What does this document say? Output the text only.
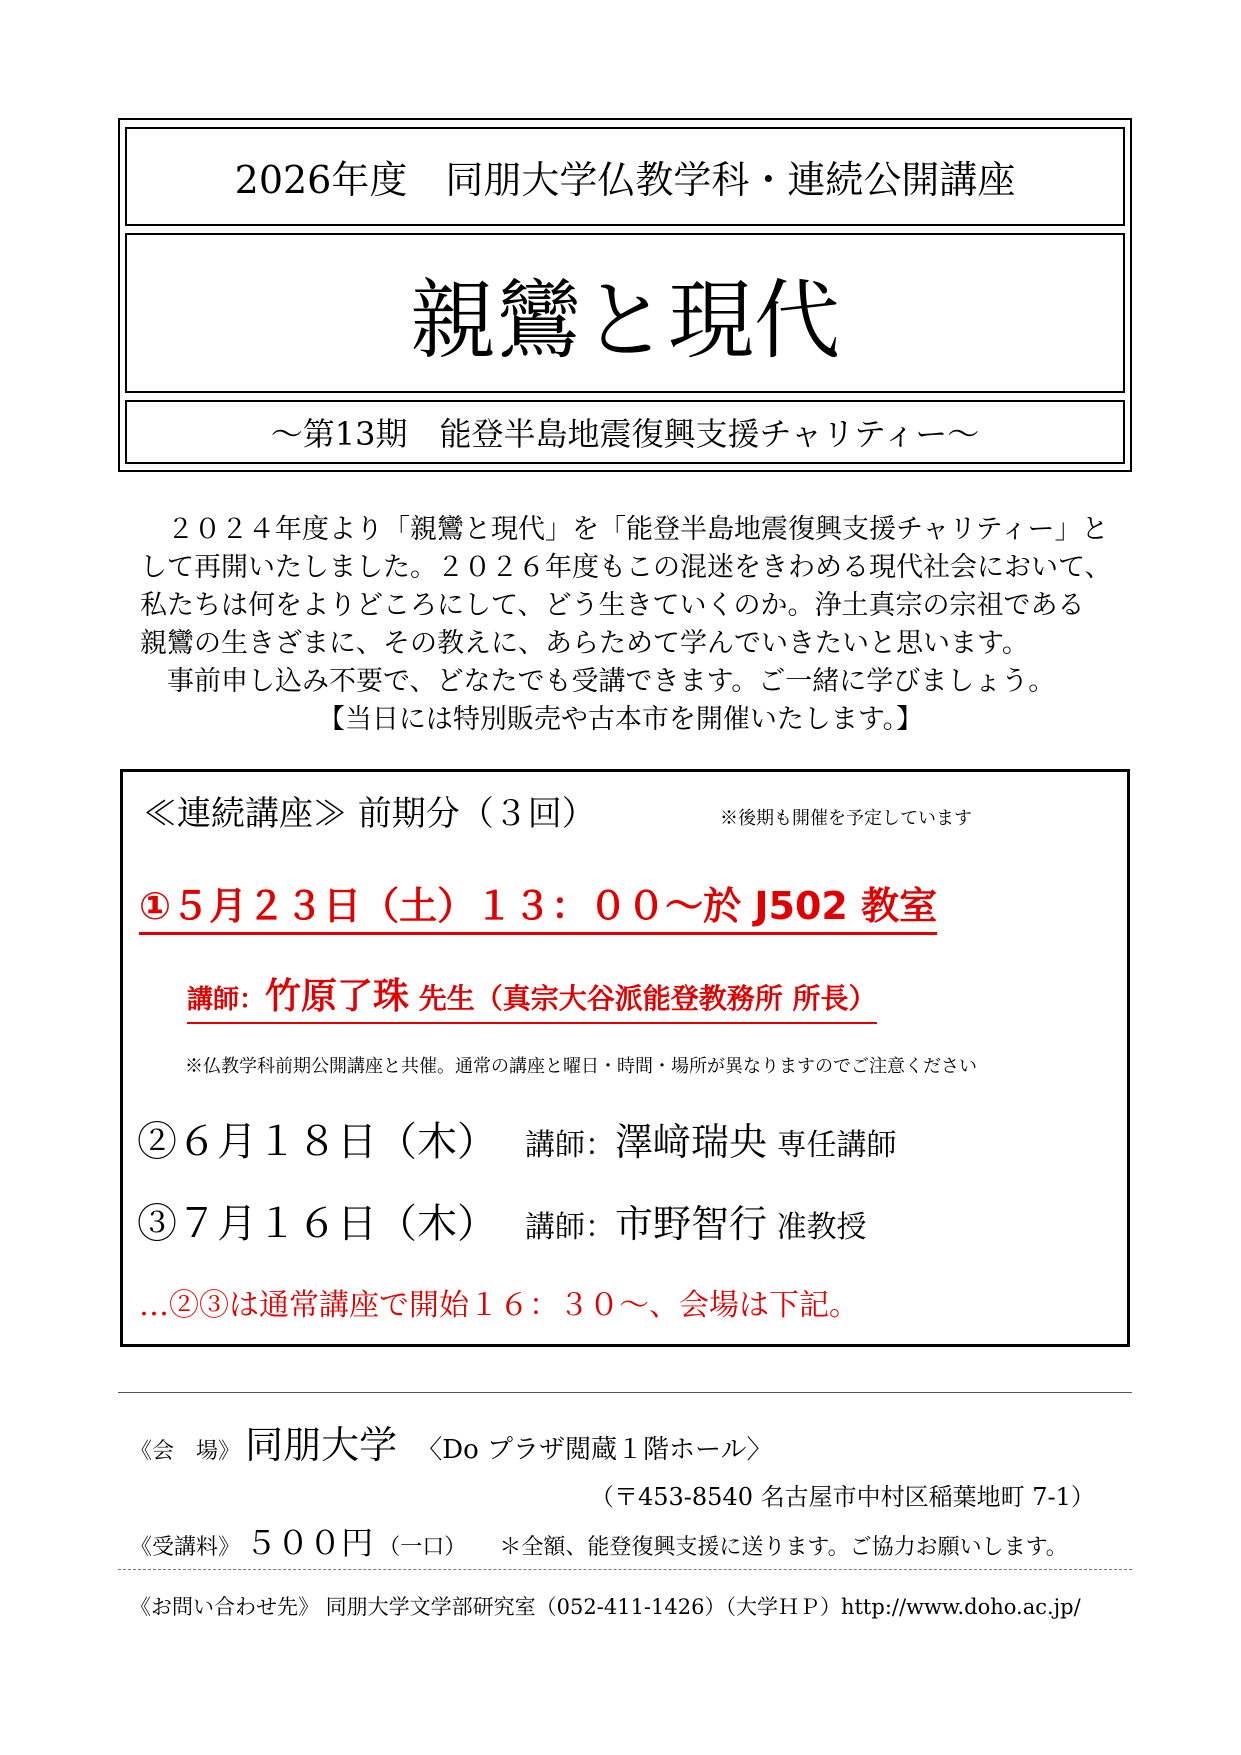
2026年度　同朋大学仏教学科・連続公開講座
親鸞と現代
～第13期　能登半島地震復興支援チャリティー～
　２０２４年度より「親鸞と現代」を「能登半島地震復興支援チャリティー」と
して再開いたしました。２０２６年度もこの混迷をきわめる現代社会において、
私たちは何をよりどころにして、どう生きていくのか。浄土真宗の宗祖である
親鸞の生きざまに、その教えに、あらためて学んでいきたいと思います。
　事前申し込み不要で、どなたでも受講できます。ご一緒に学びましょう。
【当日には特別販売や古本市を開催いたします。】
≪連続講座≫ 前期分（３回）	※後期も開催を予定しています
①５月２３日（土）１３：００～於 J502 教室
講師：竹原了珠 先生（真宗大谷派能登教務所 所長）
※仏教学科前期公開講座と共催。通常の講座と曜日・時間・場所が異なりますのでご注意ください
②６月１８日（木） 講師：澤﨑瑞央 専任講師
③７月１６日（木） 講師：市野智行 准教授
…②③は通常講座で開始１６：３０～、会場は下記。
《会　場》 同朋大学 〈Do プラザ閲蔵１階ホール〉
（〒453-8540 名古屋市中村区稲葉地町 7-1）
《受講料》 ５００円 （一口） ＊全額、能登復興支援に送ります。ご協力お願いします。
《お問い合わせ先》 同朋大学文学部研究室（052-411-1426）（大学ＨＰ）http://www.doho.ac.jp/
